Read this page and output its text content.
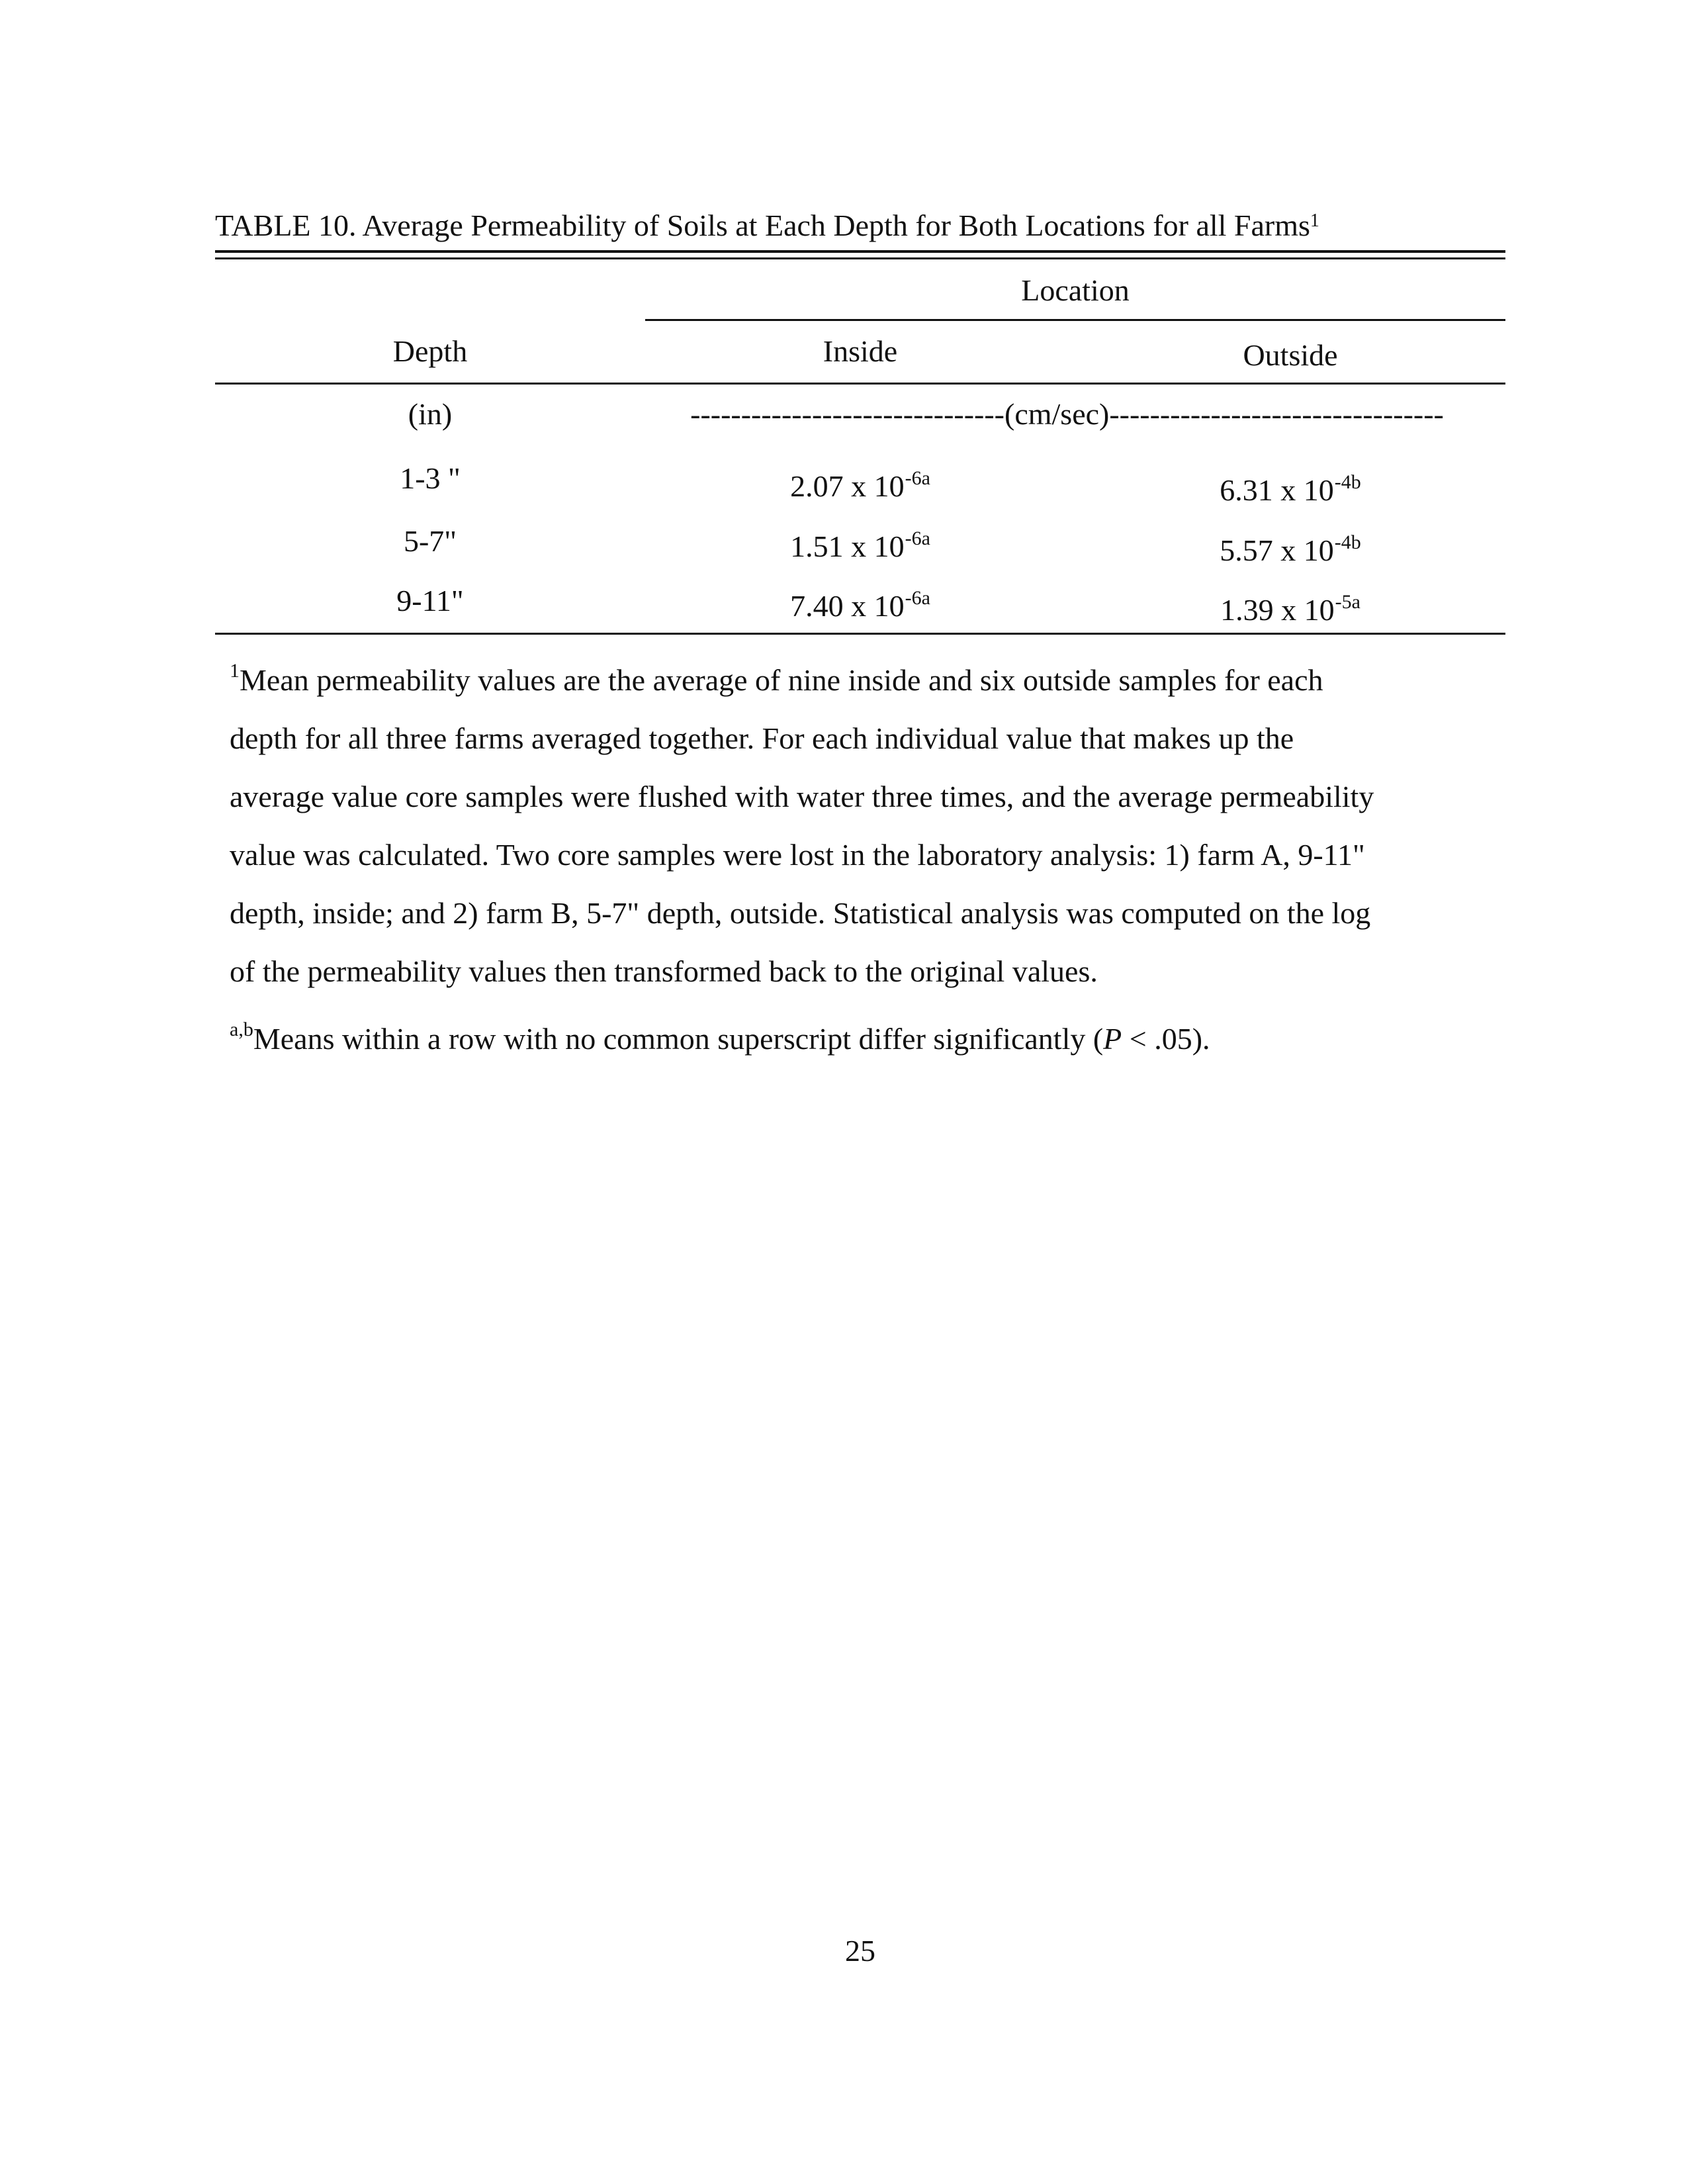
TABLE 10. Average Permeability of Soils at Each Depth for Both Locations for all Farms$^1$
Location
Depth	Inside	Outside
(in)	-------------------------------(cm/sec)---------------------------------
1-3 "	2.07 x $10^{-6a}$	6.31 x $10^{-4b}$
5-7"	1.51 x $10^{-6a}$	5.57 x $10^{-4b}$
9-11"	7.40 x $10^{-6a}$	1.39 x $10^{-5a}$

$^1$Mean permeability values are the average of nine inside and six outside samples for each

depth for all three farms averaged together. For each individual value that makes up the

average value core samples were flushed with water three times, and the average permeability

value was calculated. Two core samples were lost in the laboratory analysis: 1) farm A, 9-11"

depth, inside; and 2) farm B, 5-7" depth, outside. Statistical analysis was computed on the log

of the permeability values then transformed back to the original values.

$^{a,b}$Means within a row with no common superscript differ significantly (P < .05).

25
